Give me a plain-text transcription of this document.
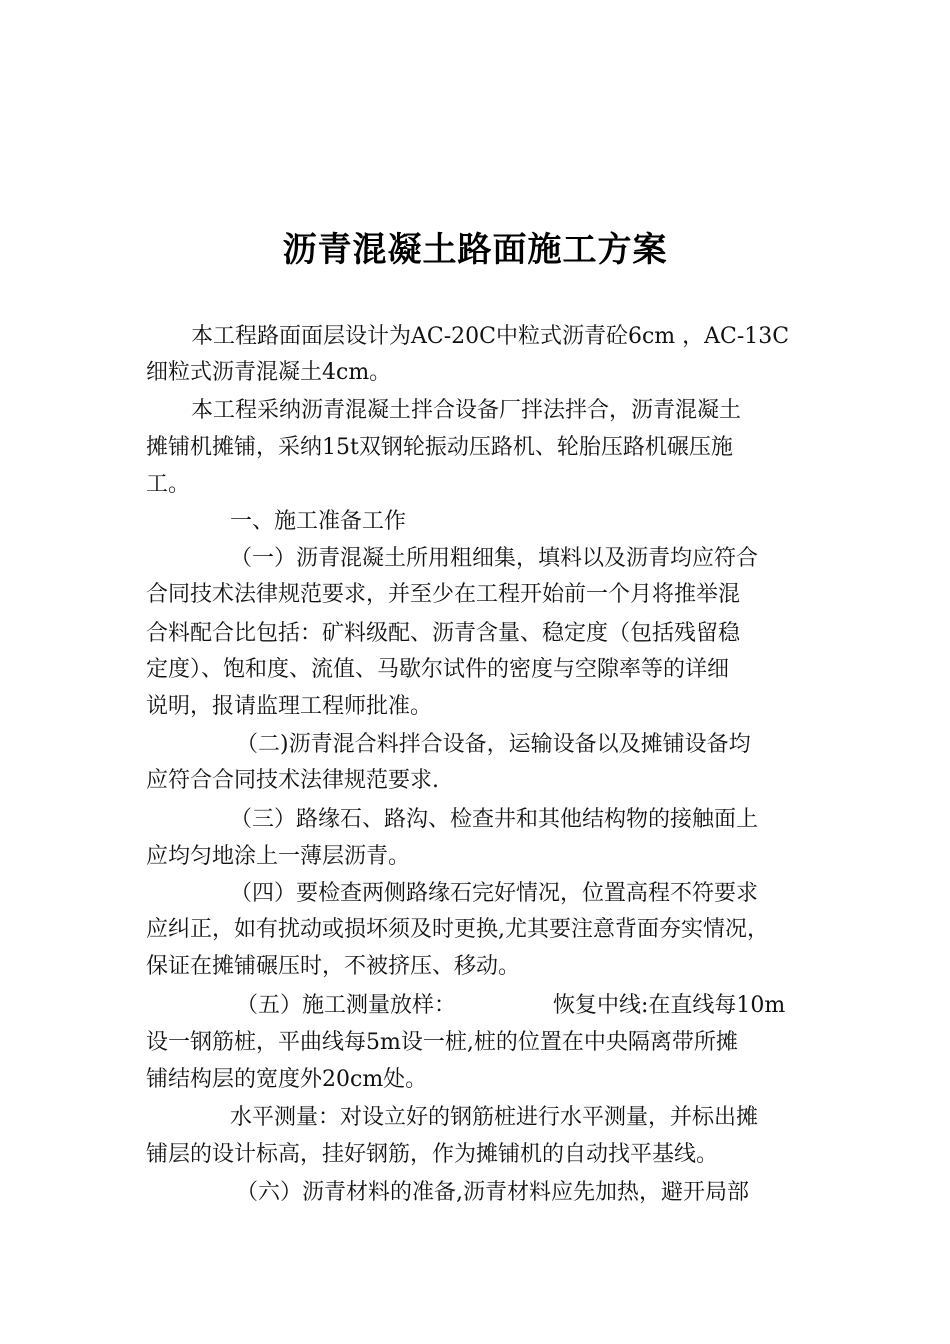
沥青混凝土路面施工方案
本工程路面面层设计为AC-20C中粒式沥青砼6cm ，AC-13C
细粒式沥青混凝土4cm。
本工程采纳沥青混凝土拌合设备厂拌法拌合，沥青混凝土
摊铺机摊铺，采纳15t双钢轮振动压路机、轮胎压路机碾压施
工。
一、施工准备工作
（一）沥青混凝土所用粗细集，填料以及沥青均应符合
合同技术法律规范要求，并至少在工程开始前一个月将推举混
合料配合比包括：矿料级配、沥青含量、稳定度（包括残留稳
定度）、饱和度、流值、马歇尔试件的密度与空隙率等的详细
说明，报请监理工程师批准。
（二)沥青混合料拌合设备，运输设备以及摊铺设备均
应符合合同技术法律规范要求.
（三）路缘石、路沟、检查井和其他结构物的接触面上
应均匀地涂上一薄层沥青。
（四）要检查两侧路缘石完好情况，位置高程不符要求
应纠正，如有扰动或损坏须及时更换,尤其要注意背面夯实情况，
保证在摊铺碾压时，不被挤压、移动。
（五）施工测量放样：	恢复中线:在直线每10m
设一钢筋桩，平曲线每5m设一桩,桩的位置在中央隔离带所摊
铺结构层的宽度外20cm处。
水平测量：对设立好的钢筋桩进行水平测量，并标出摊
铺层的设计标高，挂好钢筋，作为摊铺机的自动找平基线。
（六）沥青材料的准备,沥青材料应先加热，避开局部
